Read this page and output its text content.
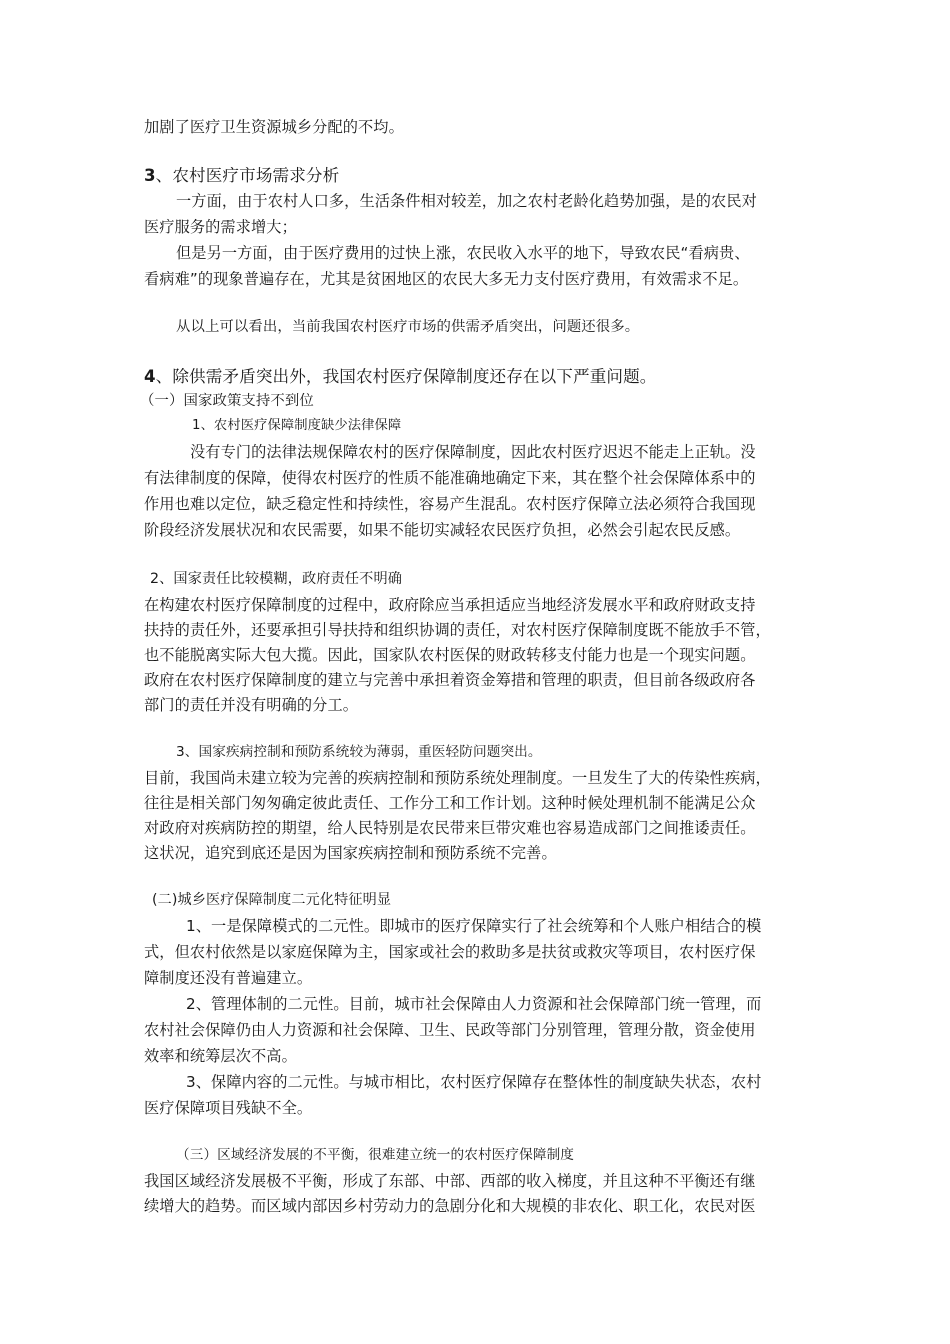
加剧了医疗卫生资源城乡分配的不均。

3、农村医疗市场需求分析

一方面，由于农村人口多，生活条件相对较差，加之农村老龄化趋势加强，是的农民对

医疗服务的需求增大；

但是另一方面，由于医疗费用的过快上涨，农民收入水平的地下，导致农民“看病贵、

看病难”的现象普遍存在，尤其是贫困地区的农民大多无力支付医疗费用，有效需求不足。

从以上可以看出，当前我国农村医疗市场的供需矛盾突出，问题还很多。

4、除供需矛盾突出外，我国农村医疗保障制度还存在以下严重问题。

（一）国家政策支持不到位

1、农村医疗保障制度缺少法律保障

没有专门的法律法规保障农村的医疗保障制度，因此农村医疗迟迟不能走上正轨。没

有法律制度的保障，使得农村医疗的性质不能准确地确定下来，其在整个社会保障体系中的

作用也难以定位，缺乏稳定性和持续性，容易产生混乱。农村医疗保障立法必须符合我国现

阶段经济发展状况和农民需要，如果不能切实减轻农民医疗负担，必然会引起农民反感。

2、国家责任比较模糊，政府责任不明确

在构建农村医疗保障制度的过程中，政府除应当承担适应当地经济发展水平和政府财政支持

扶持的责任外，还要承担引导扶持和组织协调的责任，对农村医疗保障制度既不能放手不管，

也不能脱离实际大包大揽。因此，国家队农村医保的财政转移支付能力也是一个现实问题。

政府在农村医疗保障制度的建立与完善中承担着资金筹措和管理的职责，但目前各级政府各

部门的责任并没有明确的分工。

3、国家疾病控制和预防系统较为薄弱，重医轻防问题突出。

目前，我国尚未建立较为完善的疾病控制和预防系统处理制度。一旦发生了大的传染性疾病，

往往是相关部门匆匆确定彼此责任、工作分工和工作计划。这种时候处理机制不能满足公众

对政府对疾病防控的期望，给人民特别是农民带来巨带灾难也容易造成部门之间推诿责任。

这状况，追究到底还是因为国家疾病控制和预防系统不完善。

(二)城乡医疗保障制度二元化特征明显

1、一是保障模式的二元性。即城市的医疗保障实行了社会统筹和个人账户相结合的模

式，但农村依然是以家庭保障为主，国家或社会的救助多是扶贫或救灾等项目，农村医疗保

障制度还没有普遍建立。

2、管理体制的二元性。目前，城市社会保障由人力资源和社会保障部门统一管理，而

农村社会保障仍由人力资源和社会保障、卫生、民政等部门分别管理，管理分散，资金使用

效率和统筹层次不高。

3、保障内容的二元性。与城市相比，农村医疗保障存在整体性的制度缺失状态，农村

医疗保障项目残缺不全。

（三）区域经济发展的不平衡，很难建立统一的农村医疗保障制度

我国区域经济发展极不平衡，形成了东部、中部、西部的收入梯度，并且这种不平衡还有继

续增大的趋势。而区域内部因乡村劳动力的急剧分化和大规模的非农化、职工化，农民对医
